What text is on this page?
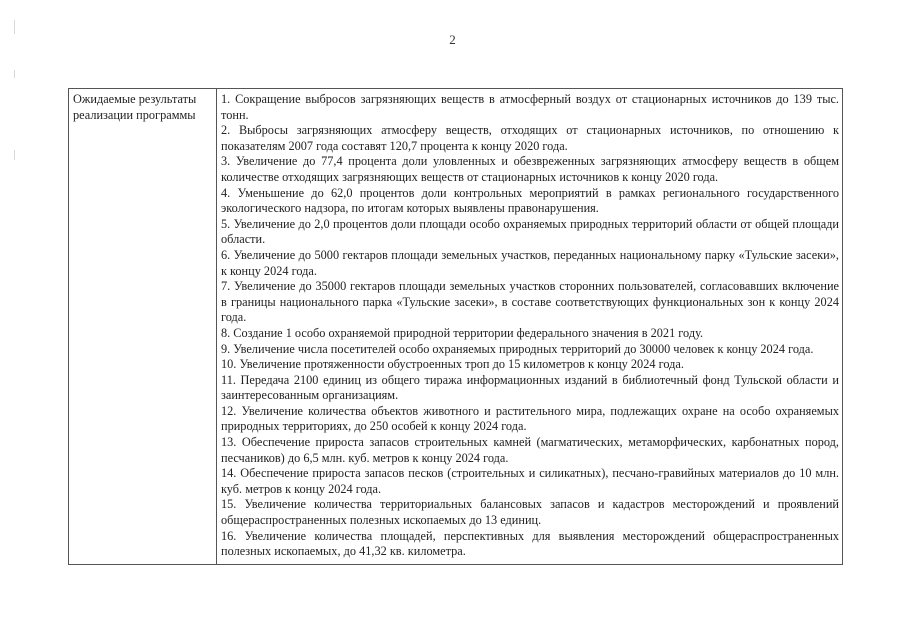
2
Ожидаемые результаты реализации программы	

1. Сокращение выбросов загрязняющих веществ в атмосферный воздух от стационарных источников до 139 тыс. тонн.

2. Выбросы загрязняющих атмосферу веществ, отходящих от стационарных источников, по отношению к показателям 2007 года составят 120,7 процента к концу 2020 года.

3. Увеличение до 77,4 процента доли уловленных и обезвреженных загрязняющих атмосферу веществ в общем количестве отходящих загрязняющих веществ от стационарных источников к концу 2020 года.

4. Уменьшение до 62,0 процентов доли контрольных мероприятий в рамках регионального государственного экологического надзора, по итогам которых выявлены правонарушения.

5. Увеличение до 2,0 процентов доли площади особо охраняемых природных территорий области от общей площади области.

6. Увеличение до 5000 гектаров площади земельных участков, переданных национальному парку «Тульские засеки», к концу 2024 года.

7. Увеличение до 35000 гектаров площади земельных участков сторонних пользователей, согласовавших включение в границы национального парка «Тульские засеки», в составе соответствующих функциональных зон к концу 2024 года.

8. Создание 1 особо охраняемой природной территории федерального значения в 2021 году.

9. Увеличение числа посетителей особо охраняемых природных территорий до 30000 человек к концу 2024 года.

10. Увеличение протяженности обустроенных троп до 15 километров к концу 2024 года.

11. Передача 2100 единиц из общего тиража информационных изданий в библиотечный фонд Тульской области и заинтересованным организациям.

12. Увеличение количества объектов животного и растительного мира, подлежащих охране на особо охраняемых природных территориях, до 250 особей к концу 2024 года.

13. Обеспечение прироста запасов строительных камней (магматических, метаморфических, карбонатных пород, песчаников) до 6,5 млн. куб. метров к концу 2024 года.

14. Обеспечение прироста запасов песков (строительных и силикатных), песчано-гравийных материалов до 10 млн. куб. метров к концу 2024 года.

15. Увеличение количества территориальных балансовых запасов и кадастров месторождений и проявлений общераспространенных полезных ископаемых до 13 единиц.

16. Увеличение количества площадей, перспективных для выявления месторождений общераспространенных полезных ископаемых, до 41,32 кв. километра.
